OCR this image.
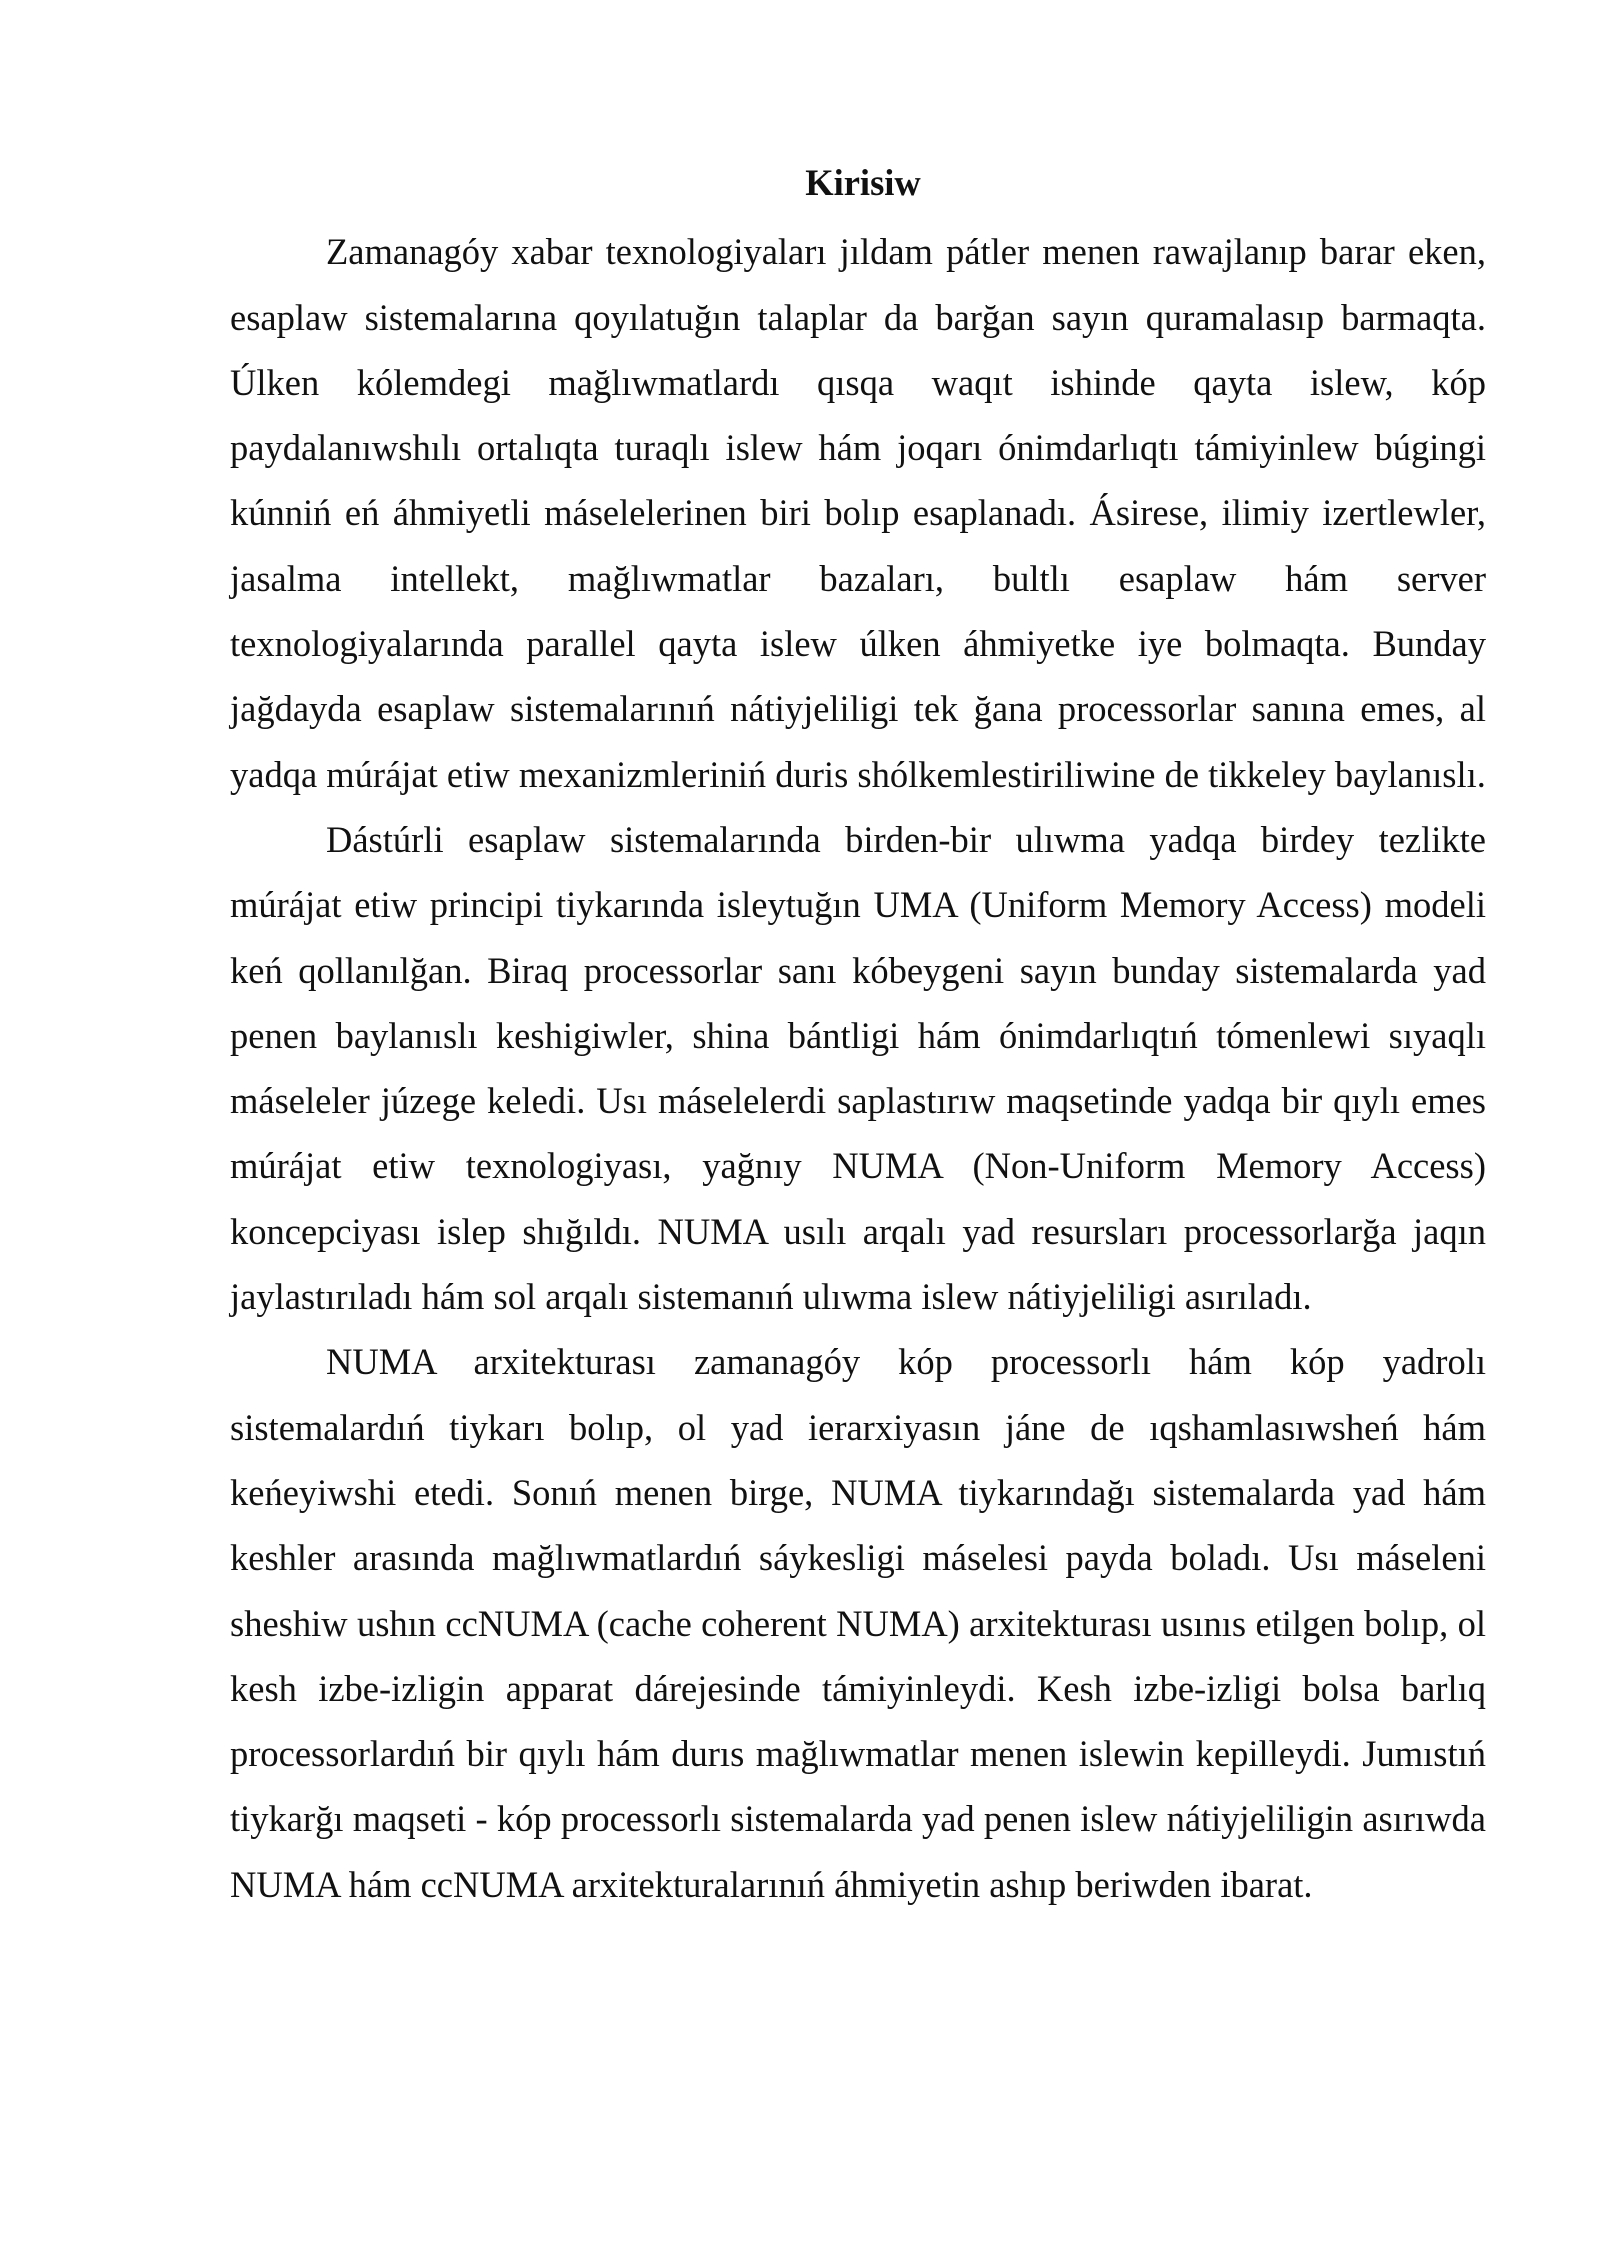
Kirisiw

Zamanagóy xabar texnologiyaları jıldam pátler menen rawajlanıp barar eken, esaplaw sistemalarına qoyılatuğın talaplar da barğan sayın quramalasıp barmaqta. Úlken kólemdegi mağlıwmatlardı qısqa waqıt ishinde qayta islew, kóp paydalanıwshılı ortalıqta turaqlı islew hám joqarı ónimdarlıqtı támiyinlew búgingi kúnniń eń áhmiyetli máselelerinen biri bolıp esaplanadı. Ásirese, ilimiy izertlewler, jasalma intellekt, mağlıwmatlar bazaları, bultlı esaplaw hám server texnologiyalarında parallel qayta islew úlken áhmiyetke iye bolmaqta. Bunday jağdayda esaplaw sistemalarınıń nátiyjeliligi tek ğana processorlar sanına emes, al yadqa múrájat etiw mexanizmleriniń duris shólkemlestiriliwine de tikkeley baylanıslı.

Dástúrli esaplaw sistemalarında birden-bir ulıwma yadqa birdey tezlikte múrájat etiw principi tiykarında isleytuğın UMA (Uniform Memory Access) modeli keń qollanılğan. Biraq processorlar sanı kóbeygeni sayın bunday sistemalarda yad penen baylanıslı keshigiwler, shina bántligi hám ónimdarlıqtıń tómenlewi sıyaqlı máseleler júzege keledi. Usı máselelerdi saplastırıw maqsetinde yadqa bir qıylı emes múrájat etiw texnologiyası, yağnıy NUMA (Non-Uniform Memory Access) koncepciyası islep shığıldı. NUMA usılı arqalı yad resursları processorlarğa jaqın jaylastırıladı hám sol arqalı sistemanıń ulıwma islew nátiyjeliligi asırıladı.

NUMA arxitekturası zamanagóy kóp processorlı hám kóp yadrolı sistemalardıń tiykarı bolıp, ol yad ierarxiyasın jáne de ıqshamlasıwsheń hám keńeyiwshi etedi. Sonıń menen birge, NUMA tiykarındağı sistemalarda yad hám keshler arasında mağlıwmatlardıń sáykesligi máselesi payda boladı. Usı máseleni sheshiw ushın ccNUMA (cache coherent NUMA) arxitekturası usınıs etilgen bolıp, ol kesh izbe-izligin apparat dárejesinde támiyinleydi. Kesh izbe-izligi bolsa barlıq processorlardıń bir qıylı hám durıs mağlıwmatlar menen islewin kepilleydi. Jumıstıń tiykarğı maqseti - kóp processorlı sistemalarda yad penen islew nátiyjeliligin asırıwda NUMA hám ccNUMA arxitekturalarınıń áhmiyetin ashıp beriwden ibarat.
